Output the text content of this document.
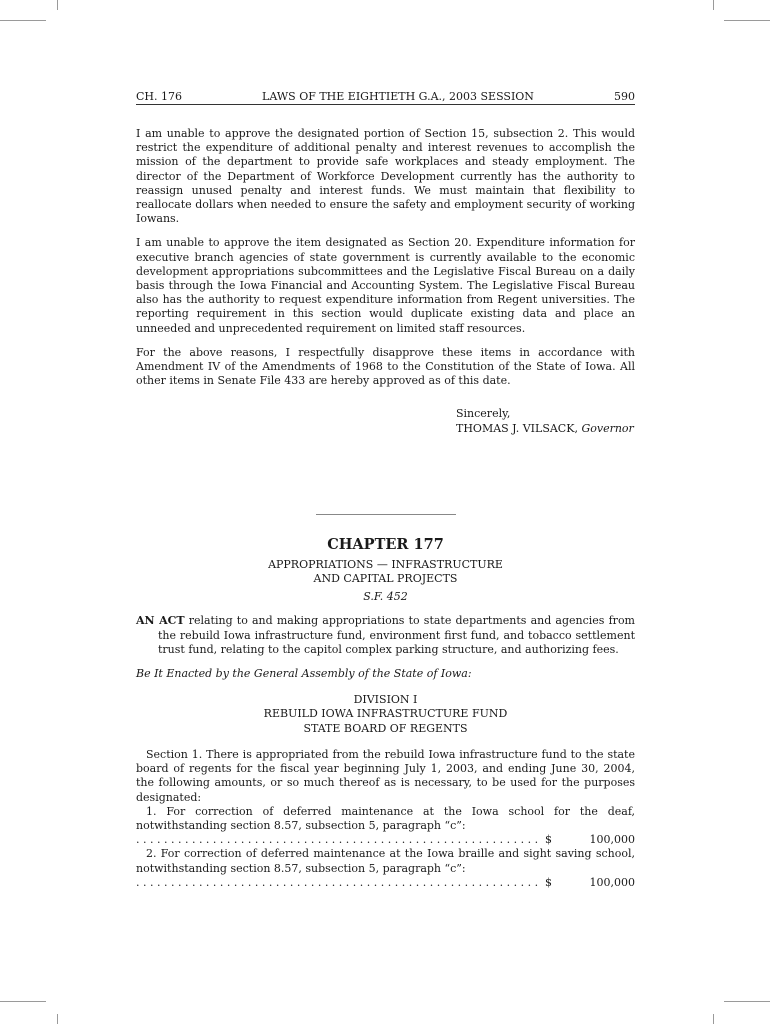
CH. 176	LAWS OF THE EIGHTIETH G.A., 2003 SESSION	590

I am unable to approve the designated portion of Section 15, subsection 2. This would restrict the expenditure of additional penalty and interest revenues to accomplish the mission of the department to provide safe workplaces and steady employment. The director of the Department of Workforce Development currently has the authority to reassign unused penalty and interest funds. We must maintain that flexibility to reallocate dollars when needed to ensure the safety and employment security of working Iowans.

I am unable to approve the item designated as Section 20. Expenditure information for executive branch agencies of state government is currently available to the economic development appropriations subcommittees and the Legislative Fiscal Bureau on a daily basis through the Iowa Financial and Accounting System. The Legislative Fiscal Bureau also has the authority to request expenditure information from Regent universities. The reporting requirement in this section would duplicate existing data and place an unneeded and unprecedented requirement on limited staff resources.

For the above reasons, I respectfully disapprove these items in accordance with Amendment IV of the Amendments of 1968 to the Constitution of the State of Iowa. All other items in Senate File 433 are hereby approved as of this date.

Sincerely,
THOMAS J. VILSACK, Governor
CHAPTER 177
APPROPRIATIONS — INFRASTRUCTURE
AND CAPITAL PROJECTS
S.F. 452

AN ACT relating to and making appropriations to state departments and agencies from the rebuild Iowa infrastructure fund, environment first fund, and tobacco settlement trust fund, relating to the capitol complex parking structure, and authorizing fees.

Be It Enacted by the General Assembly of the State of Iowa:

DIVISION I
REBUILD IOWA INFRASTRUCTURE FUND
STATE BOARD OF REGENTS

Section 1. There is appropriated from the rebuild Iowa infrastructure fund to the state board of regents for the fiscal year beginning July 1, 2003, and ending June 30, 2004, the following amounts, or so much thereof as is necessary, to be used for the purposes designated:

1. For correction of deferred maintenance at the Iowa school for the deaf, notwithstanding section 8.57, subsection 5, paragraph “c”:

. . .
$	100,000

2. For correction of deferred maintenance at the Iowa braille and sight saving school, notwithstanding section 8.57, subsection 5, paragraph “c”:

. . .
$	100,000
